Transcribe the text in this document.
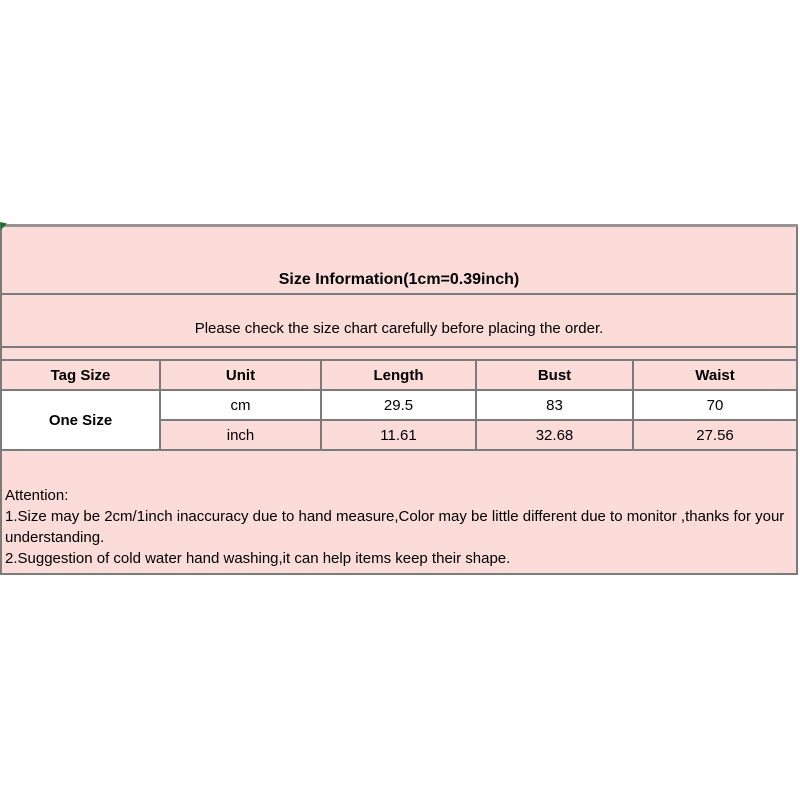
Size Information(1cm=0.39inch)				
Please check the size chart carefully before placing the order.				

Tag Size	Unit	Length	Bust	Waist
One Size	cm	29.5	83	70
	inch	11.61	32.68	27.56

Attention:
1.Size may be 2cm/1inch inaccuracy due to hand measure,Color may be little different due to monitor ,thanks for your understanding.
2.Suggestion of cold water hand washing,it can help items keep their shape.				
